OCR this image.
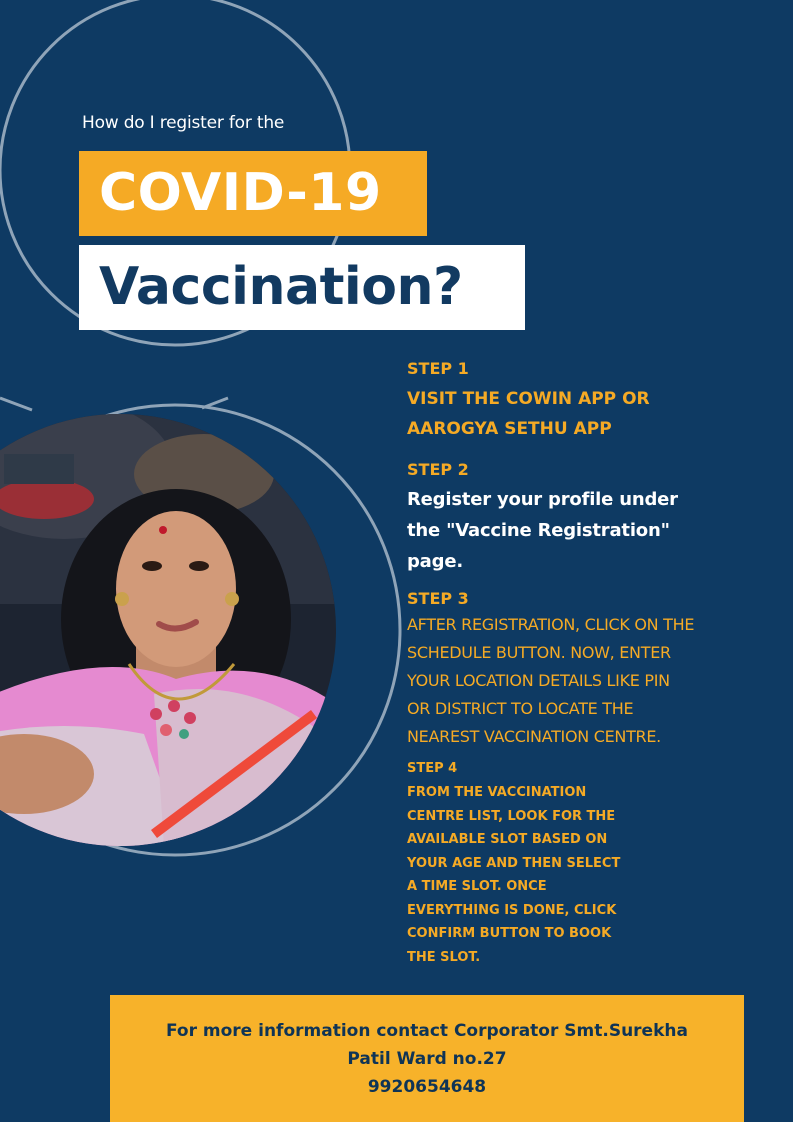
How do I register for the
COVID-19
Vaccination?
STEP 1
VISIT THE COWIN APP OR AAROGYA SETHU APP
STEP 2
Register your profile under the "Vaccine Registration" page.
STEP 3
AFTER REGISTRATION, CLICK ON THE SCHEDULE BUTTON. NOW, ENTER YOUR LOCATION DETAILS LIKE PIN OR DISTRICT TO LOCATE THE NEAREST VACCINATION CENTRE.
STEP 4
FROM THE VACCINATION CENTRE LIST, LOOK FOR THE AVAILABLE SLOT BASED ON YOUR AGE AND THEN SELECT A TIME SLOT. ONCE EVERYTHING IS DONE, CLICK CONFIRM BUTTON TO BOOK THE SLOT.
For more information contact Corporator Smt.Surekha
Patil Ward no.27
9920654648
